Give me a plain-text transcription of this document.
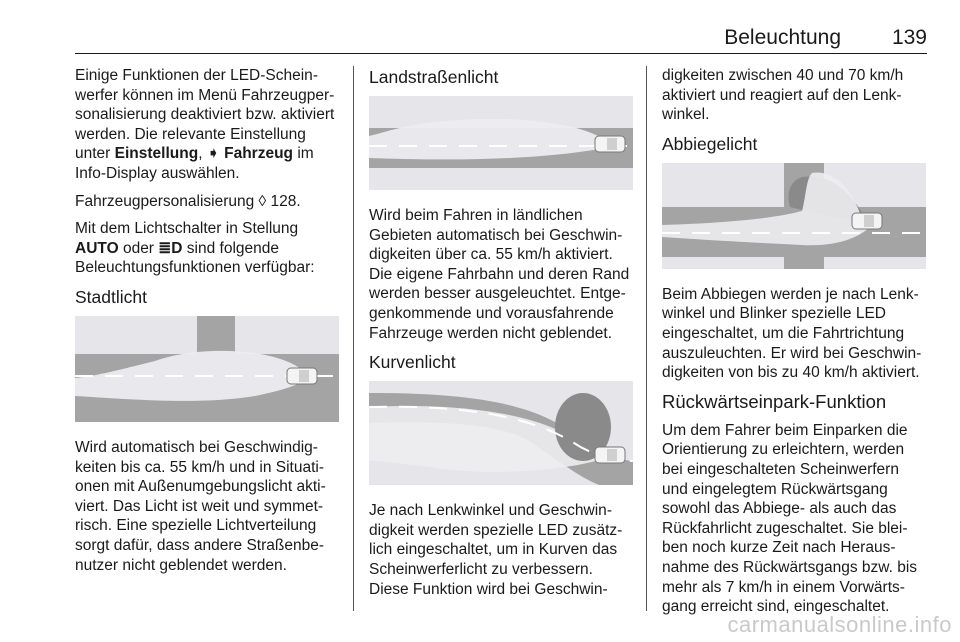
Beleuchtung 139

Einige Funktionen der LED-Scheinwerfer können im Menü Fahrzeugpersonalisierung deaktiviert bzw. aktiviert werden. Die relevante Einstellung unter Einstellung, ➧ Fahrzeug im Info-Display auswählen.

Fahrzeugpersonalisierung ◊ 128.

Mit dem Lichtschalter in Stellung AUTO oder ≣D sind folgende Beleuchtungsfunktionen verfügbar:

Stadtlicht

Wird automatisch bei Geschwindigkeiten bis ca. 55 km/h und in Situationen mit Außenumgebungslicht aktiviert. Das Licht ist weit und symmetrisch. Eine spezielle Lichtverteilung sorgt dafür, dass andere Straßenbenutzer nicht geblendet werden.

Landstraßenlicht

Wird beim Fahren in ländlichen Gebieten automatisch bei Geschwindigkeiten über ca. 55 km/h aktiviert. Die eigene Fahrbahn und deren Rand werden besser ausgeleuchtet. Entgegenkommende und vorausfahrende Fahrzeuge werden nicht geblendet.

Kurvenlicht

Je nach Lenkwinkel und Geschwindigkeit werden spezielle LED zusätzlich eingeschaltet, um in Kurven das Scheinwerferlicht zu verbessern. Diese Funktion wird bei Geschwin-

digkeiten zwischen 40 und 70 km/h aktiviert und reagiert auf den Lenkwinkel.

Abbiegelicht

Beim Abbiegen werden je nach Lenkwinkel und Blinker spezielle LED eingeschaltet, um die Fahrtrichtung auszuleuchten. Er wird bei Geschwindigkeiten von bis zu 40 km/h aktiviert.

Rückwärtseinpark-Funktion

Um dem Fahrer beim Einparken die Orientierung zu erleichtern, werden bei eingeschalteten Scheinwerfern und eingelegtem Rückwärtsgang sowohl das Abbiege- als auch das Rückfahrlicht zugeschaltet. Sie bleiben noch kurze Zeit nach Herausnahme des Rückwärtsgangs bzw. bis mehr als 7 km/h in einem Vorwärtsgang erreicht sind, eingeschaltet.

carmanualsonline.info
